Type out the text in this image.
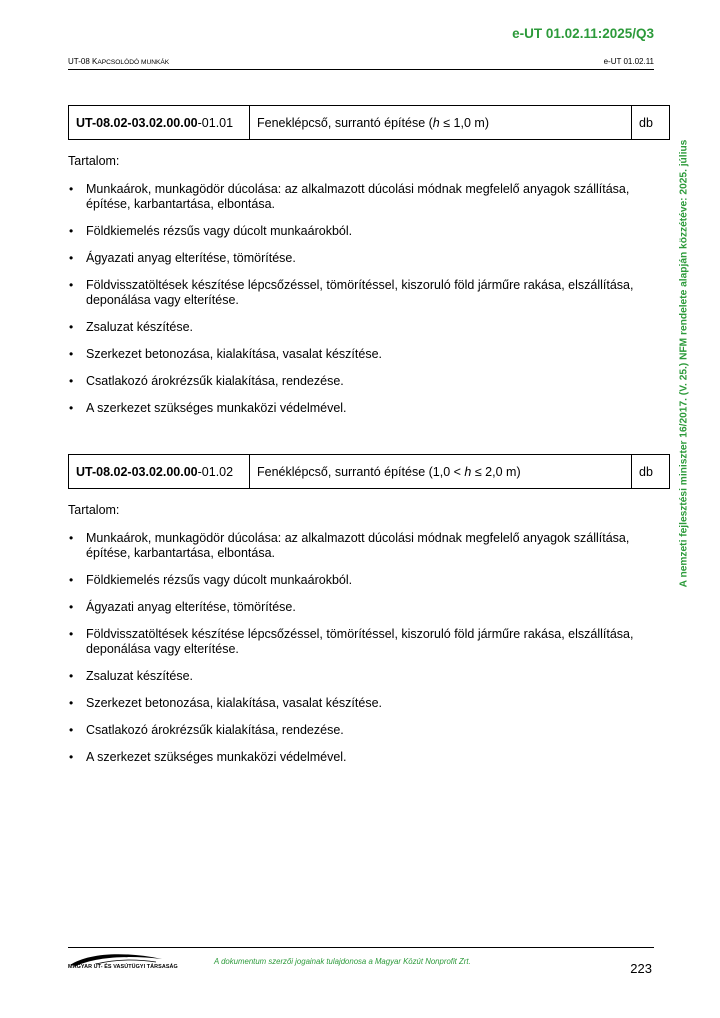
e-UT 01.02.11:2025/Q3
UT-08 KAPCSOLÓDÓ MUNKÁK	e-UT 01.02.11
A nemzeti fejlesztési miniszter 16/2017. (V. 25.) NFM rendelete alapján közzétéve: 2025. július
UT-08.02-03.02.00.00-01.01	Feneklépcső, surrantó építése (h ≤ 1,0 m)	db

Tartalom:

• Munkaárok, munkagödör dúcolása: az alkalmazott dúcolási módnak megfelelő anyagok szállítása, építése, karbantartása, elbontása.
• Földkiemelés rézsűs vagy dúcolt munkaárokból.
• Ágyazati anyag elterítése, tömörítése.
• Földvisszatöltések készítése lépcsőzéssel, tömörítéssel, kiszoruló föld járműre rakása, elszállítása, deponálása vagy elterítése.
• Zsaluzat készítése.
• Szerkezet betonozása, kialakítása, vasalat készítése.
• Csatlakozó árokrézsűk kialakítása, rendezése.
• A szerkezet szükséges munkaközi védelmével.
UT-08.02-03.02.00.00-01.02	Fenéklépcső, surrantó építése (1,0 < h ≤ 2,0 m)	db

Tartalom:

• Munkaárok, munkagödör dúcolása: az alkalmazott dúcolási módnak megfelelő anyagok szállítása, építése, karbantartása, elbontása.
• Földkiemelés rézsűs vagy dúcolt munkaárokból.
• Ágyazati anyag elterítése, tömörítése.
• Földvisszatöltések készítése lépcsőzéssel, tömörítéssel, kiszoruló föld járműre rakása, elszállítása, deponálása vagy elterítése.
• Zsaluzat készítése.
• Szerkezet betonozása, kialakítása, vasalat készítése.
• Csatlakozó árokrézsűk kialakítása, rendezése.
• A szerkezet szükséges munkaközi védelmével.
MAGYAR ÚT- ÉS VASÚTÜGYI TÁRSASÁG
A dokumentum szerzői jogainak tulajdonosa a Magyar Közút Nonprofit Zrt.	223
